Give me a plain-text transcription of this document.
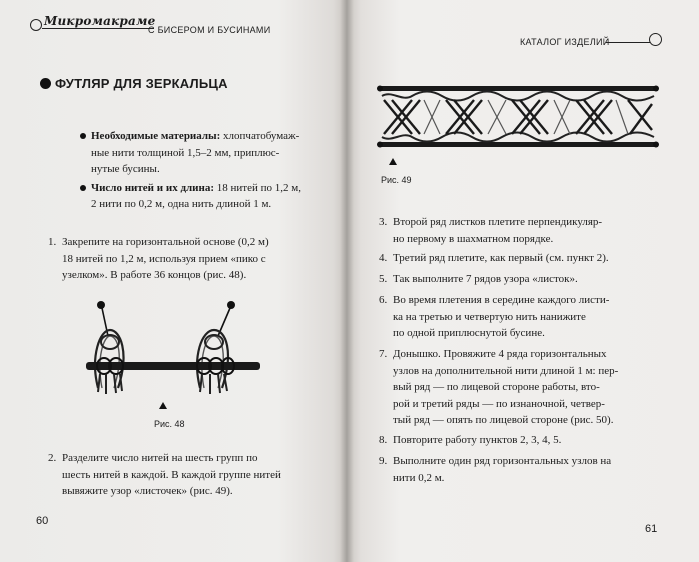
Микромакраме
С БИСЕРОМ И БУСИНАМИ
ФУТЛЯР ДЛЯ ЗЕРКАЛЬЦА
Необходимые материалы: хлопчатобумаж-
ные нити толщиной 1,5–2 мм, приплюс-
нутые бусины.
Число нитей и их длина: 18 нитей по 1,2 м,
2 нити по 0,2 м, одна нить длиной 1 м.
1. Закрепите на горизонтальной основе (0,2 м)
18 нитей по 1,2 м, используя прием «пико с
узелком». В работе 36 концов (рис. 48).
Рис. 48
2. Разделите число нитей на шесть групп по
шесть нитей в каждой. В каждой группе нитей
вывяжите узор «листочек» (рис. 49).
60
61
КАТАЛОГ ИЗДЕЛИЙ
Рис. 49
3. Второй ряд листков плетите перпендикуляр-
но первому в шахматном порядке.
4. Третий ряд плетите, как первый (см. пункт 2).
5. Так выполните 7 рядов узора «листок».
6. Во время плетения в середине каждого листи-
ка на третью и четвертую нить нанижите
по одной приплюснутой бусине.
7. Донышко. Провяжите 4 ряда горизонтальных
узлов на дополнительной нити длиной 1 м: пер-
вый ряд — по лицевой стороне работы, вто-
рой и третий ряды — по изнаночной, четвер-
тый ряд — опять по лицевой стороне (рис. 50).
8. Повторите работу пунктов 2, 3, 4, 5.
9. Выполните один ряд горизонтальных узлов на
нити 0,2 м.
